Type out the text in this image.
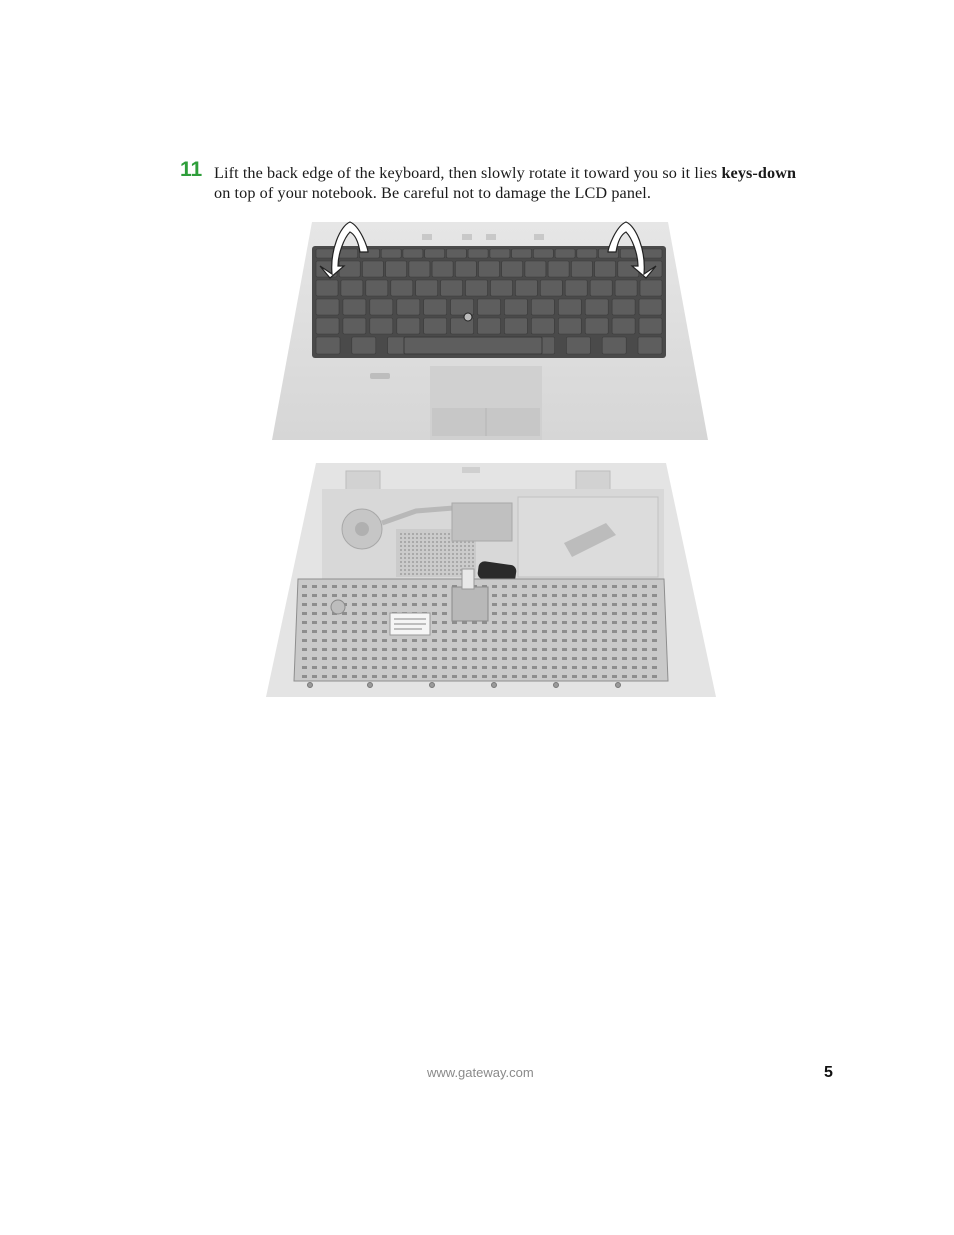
11 Lift the back edge of the keyboard, then slowly rotate it toward you so it lies keys-down on top of your notebook. Be careful not to damage the LCD panel.
www.gateway.com	5
